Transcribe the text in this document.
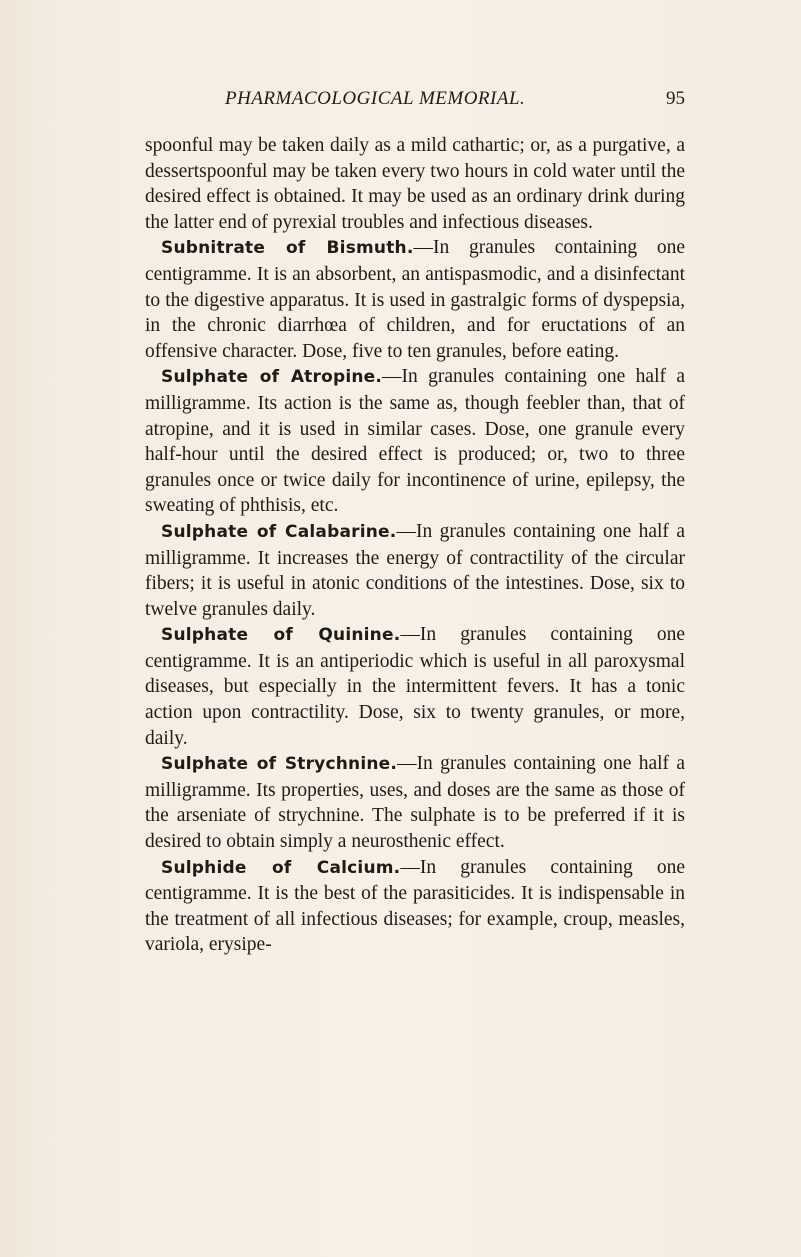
PHARMACOLOGICAL MEMORIAL.	95

spoonful may be taken daily as a mild cathartic; or, as a purgative, a dessertspoonful may be taken every two hours in cold water until the desired effect is obtained. It may be used as an ordinary drink during the latter end of pyrexial troubles and infectious diseases.

Subnitrate of Bismuth.—In granules containing one centigramme. It is an absorbent, an antispasmodic, and a disinfectant to the digestive apparatus. It is used in gastralgic forms of dyspepsia, in the chronic diarrhœa of children, and for eructations of an offensive character. Dose, five to ten granules, before eating.

Sulphate of Atropine.—In granules containing one half a milligramme. Its action is the same as, though feebler than, that of atropine, and it is used in similar cases. Dose, one granule every half-hour until the desired effect is produced; or, two to three granules once or twice daily for incontinence of urine, epilepsy, the sweating of phthisis, etc.

Sulphate of Calabarine.—In granules containing one half a milligramme. It increases the energy of contractility of the circular fibers; it is useful in atonic conditions of the intestines. Dose, six to twelve granules daily.

Sulphate of Quinine.—In granules containing one centigramme. It is an antiperiodic which is useful in all paroxysmal diseases, but especially in the intermittent fevers. It has a tonic action upon contractility. Dose, six to twenty granules, or more, daily.

Sulphate of Strychnine.—In granules containing one half a milligramme. Its properties, uses, and doses are the same as those of the arseniate of strychnine. The sulphate is to be preferred if it is desired to obtain simply a neurosthenic effect.

Sulphide of Calcium.—In granules containing one centigramme. It is the best of the parasiticides. It is indispensable in the treatment of all infectious diseases; for example, croup, measles, variola, erysipe-
